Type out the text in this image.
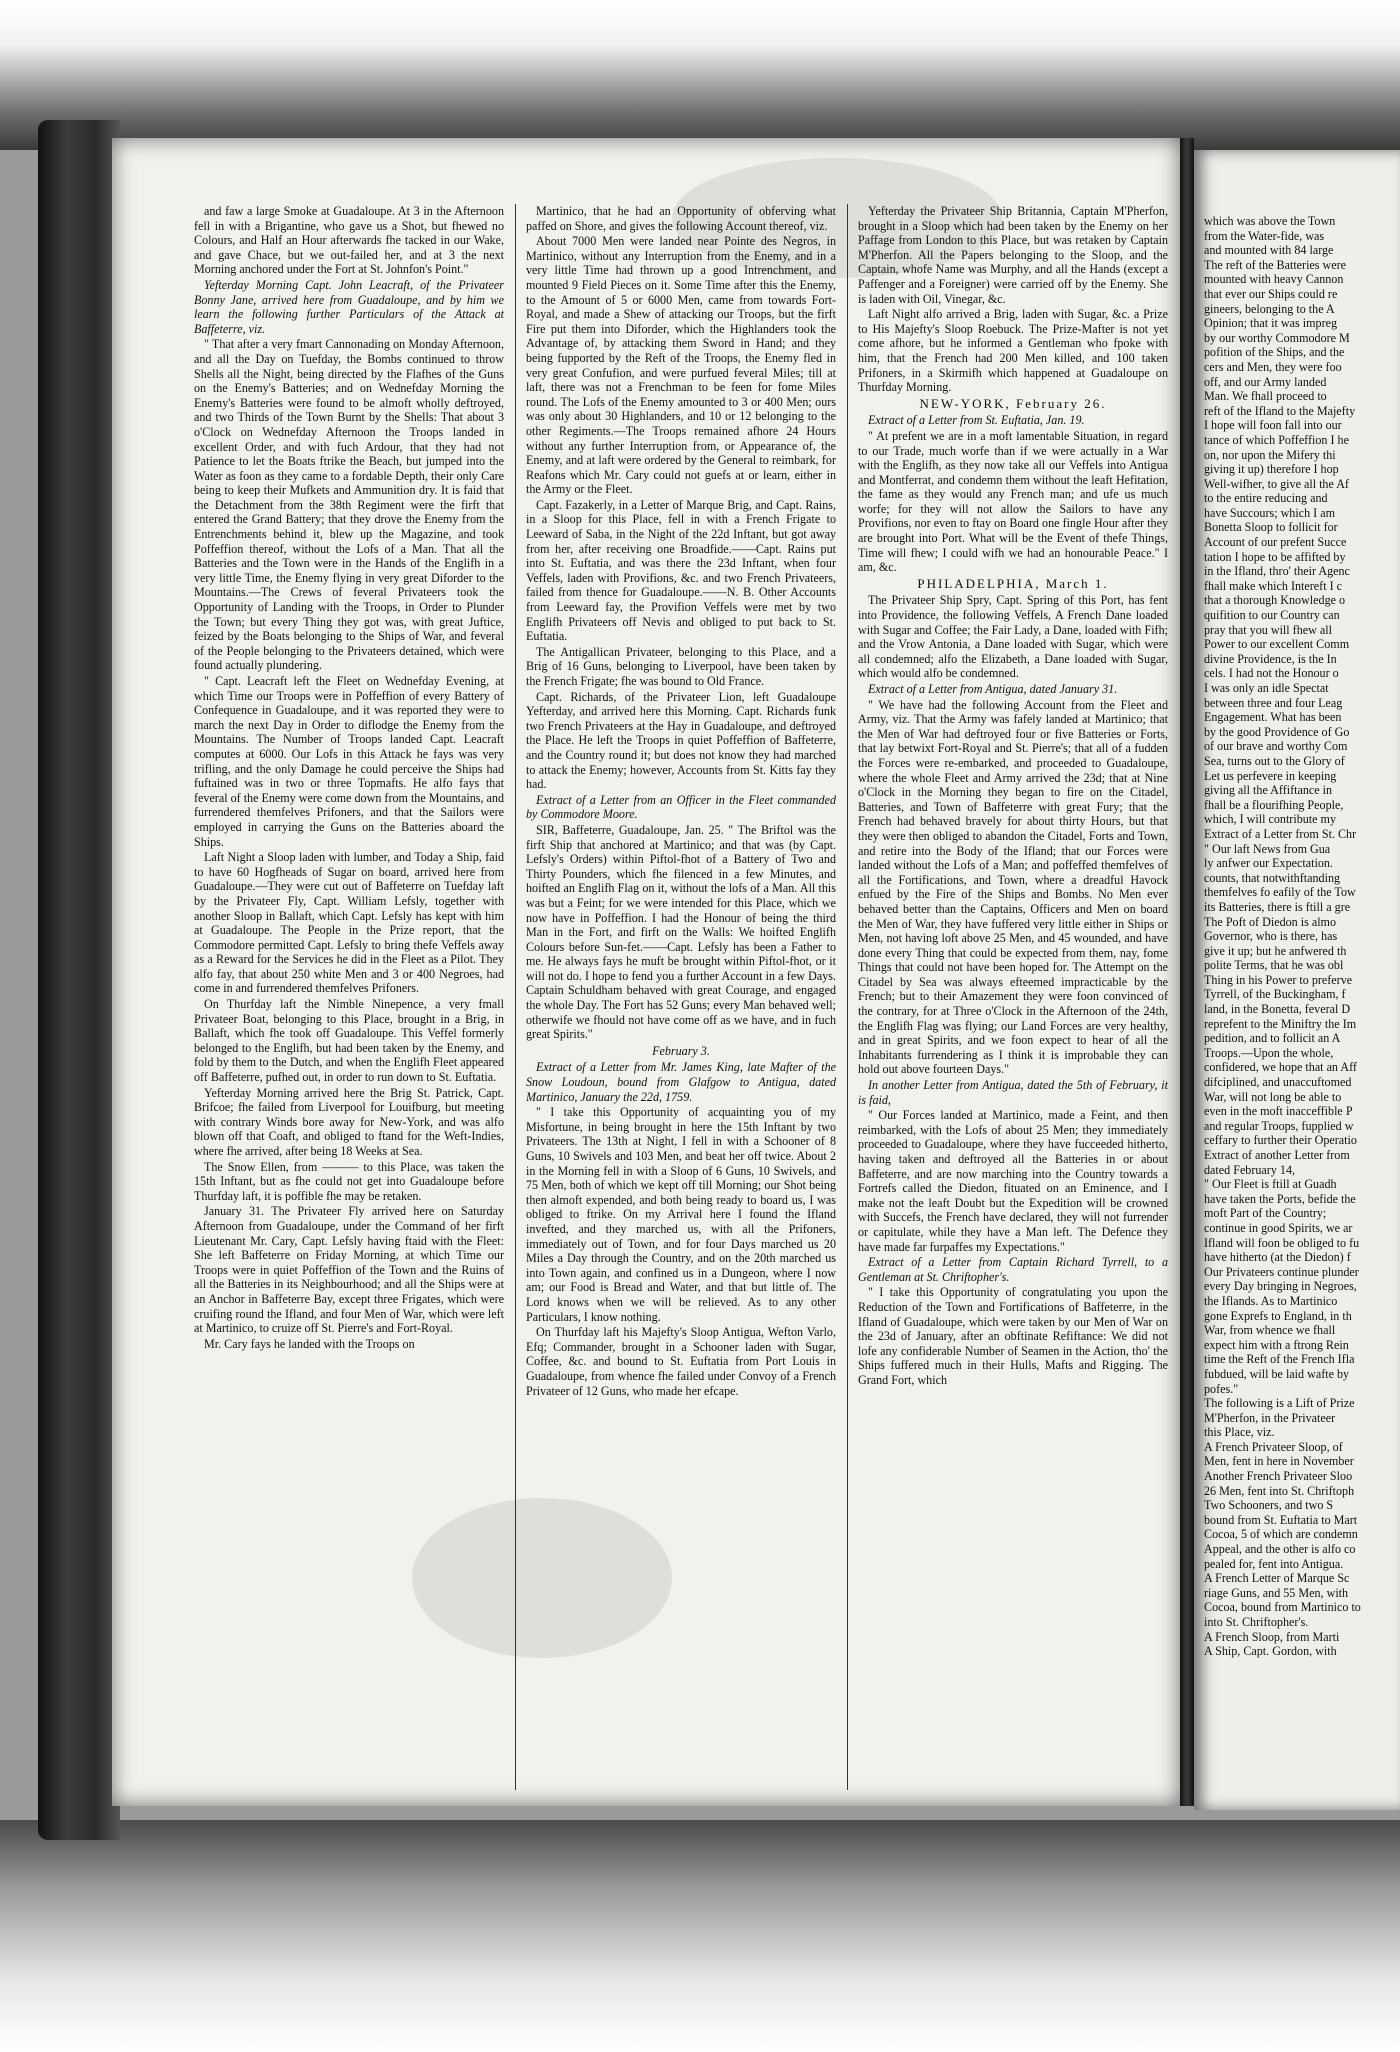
and faw a large Smoke at Guadaloupe. At 3 in the Afternoon fell in with a Brigantine, who gave us a Shot, but fhewed no Colours, and Half an Hour afterwards fhe tacked in our Wake, and gave Chace, but we out-failed her, and at 3 the next Morning anchored under the Fort at St. Johnfon's Point."

Yefterday Morning Capt. John Leacraft, of the Privateer Bonny Jane, arrived here from Guadaloupe, and by him we learn the following further Particulars of the Attack at Baffeterre, viz.

" That after a very fmart Cannonading on Monday Afternoon, and all the Day on Tuefday, the Bombs continued to throw Shells all the Night, being directed by the Flafhes of the Guns on the Enemy's Batteries; and on Wednefday Morning the Enemy's Batteries were found to be almoft wholly deftroyed, and two Thirds of the Town Burnt by the Shells: That about 3 o'Clock on Wednefday Afternoon the Troops landed in excellent Order, and with fuch Ardour, that they had not Patience to let the Boats ftrike the Beach, but jumped into the Water as foon as they came to a fordable Depth, their only Care being to keep their Mufkets and Ammunition dry. It is faid that the Detachment from the 38th Regiment were the firft that entered the Grand Battery; that they drove the Enemy from the Entrenchments behind it, blew up the Magazine, and took Poffeffion thereof, without the Lofs of a Man. That all the Batteries and the Town were in the Hands of the Englifh in a very little Time, the Enemy flying in very great Diforder to the Mountains.—The Crews of feveral Privateers took the Opportunity of Landing with the Troops, in Order to Plunder the Town; but every Thing they got was, with great Juftice, feized by the Boats belonging to the Ships of War, and feveral of the People belonging to the Privateers detained, which were found actually plundering.

" Capt. Leacraft left the Fleet on Wednefday Evening, at which Time our Troops were in Poffeffion of every Battery of Confequence in Guadaloupe, and it was reported they were to march the next Day in Order to diflodge the Enemy from the Mountains. The Number of Troops landed Capt. Leacraft computes at 6000. Our Lofs in this Attack he fays was very trifling, and the only Damage he could perceive the Ships had fuftained was in two or three Topmafts. He alfo fays that feveral of the Enemy were come down from the Mountains, and furrendered themfelves Prifoners, and that the Sailors were employed in carrying the Guns on the Batteries aboard the Ships.

Laft Night a Sloop laden with lumber, and Today a Ship, faid to have 60 Hogfheads of Sugar on board, arrived here from Guadaloupe.—They were cut out of Baffeterre on Tuefday laft by the Privateer Fly, Capt. William Lefsly, together with another Sloop in Ballaft, which Capt. Lefsly has kept with him at Guadaloupe. The People in the Prize report, that the Commodore permitted Capt. Lefsly to bring thefe Veffels away as a Reward for the Services he did in the Fleet as a Pilot. They alfo fay, that about 250 white Men and 3 or 400 Negroes, had come in and furrendered themfelves Prifoners.

On Thurfday laft the Nimble Ninepence, a very fmall Privateer Boat, belonging to this Place, brought in a Brig, in Ballaft, which fhe took off Guadaloupe. This Veffel formerly belonged to the Englifh, but had been taken by the Enemy, and fold by them to the Dutch, and when the Englifh Fleet appeared off Baffeterre, pufhed out, in order to run down to St. Euftatia.

Yefterday Morning arrived here the Brig St. Patrick, Capt. Brifcoe; fhe failed from Liverpool for Louifburg, but meeting with contrary Winds bore away for New-York, and was alfo blown off that Coaft, and obliged to ftand for the Weft-Indies, where fhe arrived, after being 18 Weeks at Sea.

The Snow Ellen, from ——— to this Place, was taken the 15th Inftant, but as fhe could not get into Guadaloupe before Thurfday laft, it is poffible fhe may be retaken.

January 31. The Privateer Fly arrived here on Saturday Afternoon from Guadaloupe, under the Command of her firft Lieutenant Mr. Cary, Capt. Lefsly having ftaid with the Fleet: She left Baffeterre on Friday Morning, at which Time our Troops were in quiet Poffeffion of the Town and the Ruins of all the Batteries in its Neighbourhood; and all the Ships were at an Anchor in Baffeterre Bay, except three Frigates, which were cruifing round the Ifland, and four Men of War, which were left at Martinico, to cruize off St. Pierre's and Fort-Royal.

Mr. Cary fays he landed with the Troops on

Martinico, that he had an Opportunity of obferving what paffed on Shore, and gives the following Account thereof, viz.

About 7000 Men were landed near Pointe des Negros, in Martinico, without any Interruption from the Enemy, and in a very little Time had thrown up a good Intrenchment, and mounted 9 Field Pieces on it. Some Time after this the Enemy, to the Amount of 5 or 6000 Men, came from towards Fort-Royal, and made a Shew of attacking our Troops, but the firft Fire put them into Diforder, which the Highlanders took the Advantage of, by attacking them Sword in Hand; and they being fupported by the Reft of the Troops, the Enemy fled in very great Confufion, and were purfued feveral Miles; till at laft, there was not a Frenchman to be feen for fome Miles round. The Lofs of the Enemy amounted to 3 or 400 Men; ours was only about 30 Highlanders, and 10 or 12 belonging to the other Regiments.—The Troops remained afhore 24 Hours without any further Interruption from, or Appearance of, the Enemy, and at laft were ordered by the General to reimbark, for Reafons which Mr. Cary could not guefs at or learn, either in the Army or the Fleet.

Capt. Fazakerly, in a Letter of Marque Brig, and Capt. Rains, in a Sloop for this Place, fell in with a French Frigate to Leeward of Saba, in the Night of the 22d Inftant, but got away from her, after receiving one Broadfide.——Capt. Rains put into St. Euftatia, and was there the 23d Inftant, when four Veffels, laden with Provifions, &c. and two French Privateers, failed from thence for Guadaloupe.——N. B. Other Accounts from Leeward fay, the Provifion Veffels were met by two Englifh Privateers off Nevis and obliged to put back to St. Euftatia.

The Antigallican Privateer, belonging to this Place, and a Brig of 16 Guns, belonging to Liverpool, have been taken by the French Frigate; fhe was bound to Old France.

Capt. Richards, of the Privateer Lion, left Guadaloupe Yefterday, and arrived here this Morning. Capt. Richards funk two French Privateers at the Hay in Guadaloupe, and deftroyed the Place. He left the Troops in quiet Poffeffion of Baffeterre, and the Country round it; but does not know they had marched to attack the Enemy; however, Accounts from St. Kitts fay they had.

Extract of a Letter from an Officer in the Fleet commanded by Commodore Moore.

SIR, Baffeterre, Guadaloupe, Jan. 25. " The Briftol was the firft Ship that anchored at Martinico; and that was (by Capt. Lefsly's Orders) within Piftol-fhot of a Battery of Two and Thirty Pounders, which fhe filenced in a few Minutes, and hoifted an Englifh Flag on it, without the lofs of a Man. All this was but a Feint; for we were intended for this Place, which we now have in Poffeffion. I had the Honour of being the third Man in the Fort, and firft on the Walls: We hoifted Englifh Colours before Sun-fet.——Capt. Lefsly has been a Father to me. He always fays he muft be brought within Piftol-fhot, or it will not do. I hope to fend you a further Account in a few Days. Captain Schuldham behaved with great Courage, and engaged the whole Day. The Fort has 52 Guns; every Man behaved well; otherwife we fhould not have come off as we have, and in fuch great Spirits."

February 3.

Extract of a Letter from Mr. James King, late Mafter of the Snow Loudoun, bound from Glafgow to Antigua, dated Martinico, January the 22d, 1759.

" I take this Opportunity of acquainting you of my Misfortune, in being brought in here the 15th Inftant by two Privateers. The 13th at Night, I fell in with a Schooner of 8 Guns, 10 Swivels and 103 Men, and beat her off twice. About 2 in the Morning fell in with a Sloop of 6 Guns, 10 Swivels, and 75 Men, both of which we kept off till Morning; our Shot being then almoft expended, and both being ready to board us, I was obliged to ftrike. On my Arrival here I found the Ifland invefted, and they marched us, with all the Prifoners, immediately out of Town, and for four Days marched us 20 Miles a Day through the Country, and on the 20th marched us into Town again, and confined us in a Dungeon, where I now am; our Food is Bread and Water, and that but little of. The Lord knows when we will be relieved. As to any other Particulars, I know nothing.

On Thurfday laft his Majefty's Sloop Antigua, Wefton Varlo, Efq; Commander, brought in a Schooner laden with Sugar, Coffee, &c. and bound to St. Euftatia from Port Louis in Guadaloupe, from whence fhe failed under Convoy of a French Privateer of 12 Guns, who made her efcape.

Yefterday the Privateer Ship Britannia, Captain M'Pherfon, brought in a Sloop which had been taken by the Enemy on her Paffage from London to this Place, but was retaken by Captain M'Pherfon. All the Papers belonging to the Sloop, and the Captain, whofe Name was Murphy, and all the Hands (except a Paffenger and a Foreigner) were carried off by the Enemy. She is laden with Oil, Vinegar, &c.

Laft Night alfo arrived a Brig, laden with Sugar, &c. a Prize to His Majefty's Sloop Roebuck. The Prize-Mafter is not yet come afhore, but he informed a Gentleman who fpoke with him, that the French had 200 Men killed, and 100 taken Prifoners, in a Skirmifh which happened at Guadaloupe on Thurfday Morning.

NEW-YORK, February 26.

Extract of a Letter from St. Euftatia, Jan. 19.

" At prefent we are in a moft lamentable Situation, in regard to our Trade, much worfe than if we were actually in a War with the Englifh, as they now take all our Veffels into Antigua and Montferrat, and condemn them without the leaft Hefitation, the fame as they would any French man; and ufe us much worfe; for they will not allow the Sailors to have any Provifions, nor even to ftay on Board one fingle Hour after they are brought into Port. What will be the Event of thefe Things, Time will fhew; I could wifh we had an honourable Peace." I am, &c.

PHILADELPHIA, March 1.

The Privateer Ship Spry, Capt. Spring of this Port, has fent into Providence, the following Veffels, A French Dane loaded with Sugar and Coffee; the Fair Lady, a Dane, loaded with Fifh; and the Vrow Antonia, a Dane loaded with Sugar, which were all condemned; alfo the Elizabeth, a Dane loaded with Sugar, which would alfo be condemned.

Extract of a Letter from Antigua, dated January 31.

" We have had the following Account from the Fleet and Army, viz. That the Army was fafely landed at Martinico; that the Men of War had deftroyed four or five Batteries or Forts, that lay betwixt Fort-Royal and St. Pierre's; that all of a fudden the Forces were re-embarked, and proceeded to Guadaloupe, where the whole Fleet and Army arrived the 23d; that at Nine o'Clock in the Morning they began to fire on the Citadel, Batteries, and Town of Baffeterre with great Fury; that the French had behaved bravely for about thirty Hours, but that they were then obliged to abandon the Citadel, Forts and Town, and retire into the Body of the Ifland; that our Forces were landed without the Lofs of a Man; and poffeffed themfelves of all the Fortifications, and Town, where a dreadful Havock enfued by the Fire of the Ships and Bombs. No Men ever behaved better than the Captains, Officers and Men on board the Men of War, they have fuffered very little either in Ships or Men, not having loft above 25 Men, and 45 wounded, and have done every Thing that could be expected from them, nay, fome Things that could not have been hoped for. The Attempt on the Citadel by Sea was always efteemed impracticable by the French; but to their Amazement they were foon convinced of the contrary, for at Three o'Clock in the Afternoon of the 24th, the Englifh Flag was flying; our Land Forces are very healthy, and in great Spirits, and we foon expect to hear of all the Inhabitants furrendering as I think it is improbable they can hold out above fourteen Days."

In another Letter from Antigua, dated the 5th of February, it is faid,

" Our Forces landed at Martinico, made a Feint, and then reimbarked, with the Lofs of about 25 Men; they immediately proceeded to Guadaloupe, where they have fucceeded hitherto, having taken and deftroyed all the Batteries in or about Baffeterre, and are now marching into the Country towards a Fortrefs called the Diedon, fituated on an Eminence, and I make not the leaft Doubt but the Expedition will be crowned with Succefs, the French have declared, they will not furrender or capitulate, while they have a Man left. The Defence they have made far furpaffes my Expectations."

Extract of a Letter from Captain Richard Tyrrell, to a Gentleman at St. Chriftopher's.

" I take this Opportunity of congratulating you upon the Reduction of the Town and Fortifications of Baffeterre, in the Ifland of Guadaloupe, which were taken by our Men of War on the 23d of January, after an obftinate Refiftance: We did not lofe any confiderable Number of Seamen in the Action, tho' the Ships fuffered much in their Hulls, Mafts and Rigging. The Grand Fort, which

which was above the Town
from the Water-fide, was
and mounted with 84 large
The reft of the Batteries were
mounted with heavy Cannon
that ever our Ships could re
gineers, belonging to the A
Opinion; that it was impreg
by our worthy Commodore M
pofition of the Ships, and the
cers and Men, they were foo
off, and our Army landed
Man. We fhall proceed to
reft of the Ifland to the Majefty
I hope will foon fall into our
tance of which Poffeffion I he
on, nor upon the Mifery thi
giving it up) therefore I hop
Well-wifher, to give all the Af
to the entire reducing and
have Succours; which I am
Bonetta Sloop to follicit for
Account of our prefent Succe
tation I hope to be affifted by
in the Ifland, thro' their Agenc
fhall make which Intereft I c
that a thorough Knowledge o
quifition to our Country can
pray that you will fhew all
Power to our excellent Comm
divine Providence, is the In
cels. I had not the Honour o
I was only an idle Spectat
between three and four Leag
Engagement. What has been
by the good Providence of Go
of our brave and worthy Com
Sea, turns out to the Glory of
Let us perfevere in keeping
giving all the Affiftance in
fhall be a flourifhing People,
which, I will contribute my
Extract of a Letter from St. Chr
" Our laft News from Gua
ly anfwer our Expectation.
counts, that notwithftanding
themfelves fo eafily of the Tow
its Batteries, there is ftill a gre
The Poft of Diedon is almo
Governor, who is there, has
give it up; but he anfwered th
polite Terms, that he was obl
Thing in his Power to preferve
Tyrrell, of the Buckingham, f
land, in the Bonetta, feveral D
reprefent to the Miniftry the Im
pedition, and to follicit an A
Troops.—Upon the whole,
confidered, we hope that an Aff
difciplined, and unaccuftomed
War, will not long be able to
even in the moft inacceffible P
and regular Troops, fupplied w
ceffary to further their Operatio
Extract of another Letter from
dated February 14,
" Our Fleet is ftill at Guadh
have taken the Ports, befide the
moft Part of the Country;
continue in good Spirits, we ar
Ifland will foon be obliged to fu
have hitherto (at the Diedon) f
Our Privateers continue plunder
every Day bringing in Negroes,
the Iflands. As to Martinico
gone Exprefs to England, in th
War, from whence we fhall
expect him with a ftrong Rein
time the Reft of the French Ifla
fubdued, will be laid wafte by
pofes."
The following is a Lift of Prize
M'Pherfon, in the Privateer
this Place, viz.
A French Privateer Sloop, of
Men, fent in here in November
Another French Privateer Sloo
26 Men, fent into St. Chriftoph
Two Schooners, and two S
bound from St. Euftatia to Mart
Cocoa, 5 of which are condemn
Appeal, and the other is alfo co
pealed for, fent into Antigua.
A French Letter of Marque Sc
riage Guns, and 55 Men, with
Cocoa, bound from Martinico to
into St. Chriftopher's.
A French Sloop, from Marti
A Ship, Capt. Gordon, with
